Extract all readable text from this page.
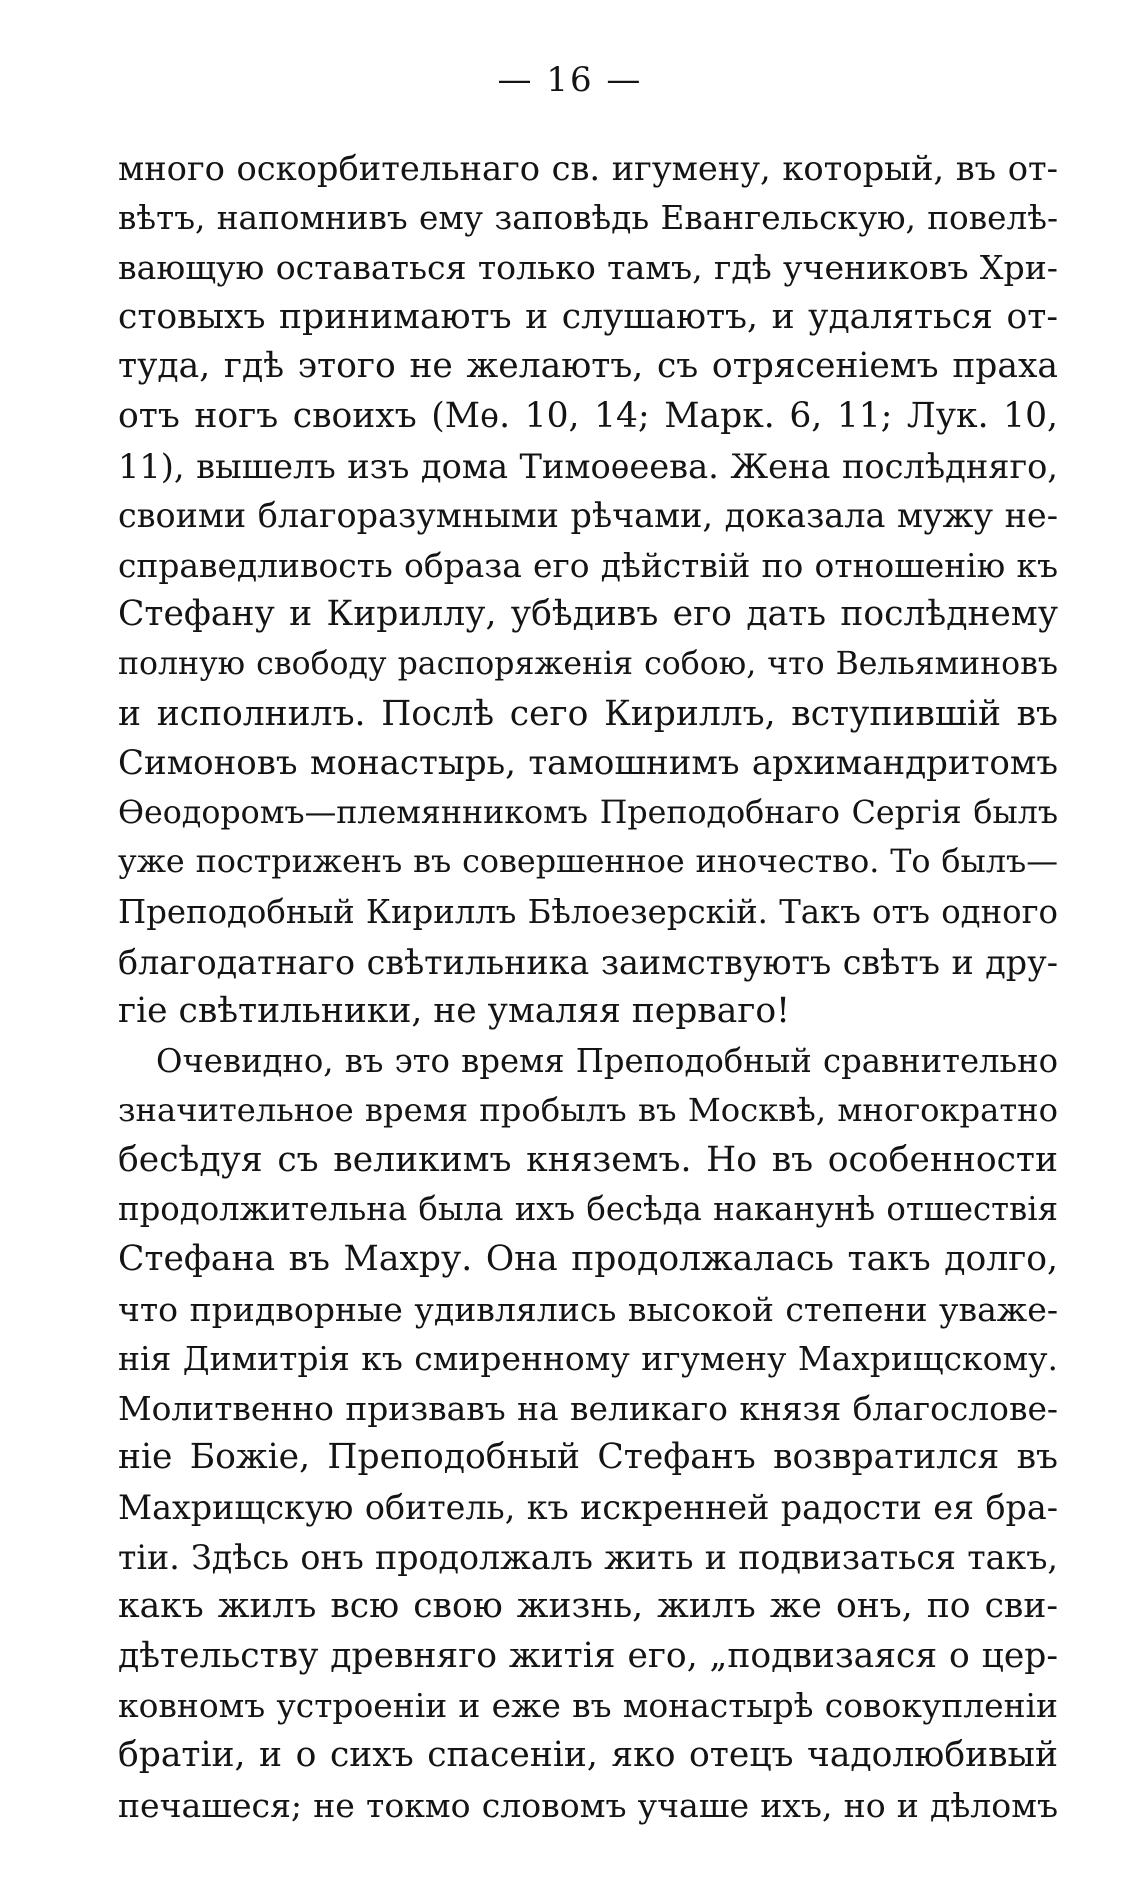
— 16 —
много оскорбительнаго св. игумену, который, въ от-
вѣтъ, напомнивъ ему заповѣдь Евангельскую, повелѣ-
вающую оставаться только тамъ, гдѣ учениковъ Хри-
стовыхъ принимаютъ и слушаютъ, и удаляться от-
туда, гдѣ этого не желаютъ, съ отрясеніемъ праха
отъ ногъ своихъ (Мѳ. 10, 14; Марк. 6, 11; Лук. 10,
11), вышелъ изъ дома Тимоѳеева. Жена послѣдняго,
своими благоразумными рѣчами, доказала мужу не-
справедливость образа его дѣйствій по отношенію къ
Стефану и Кириллу, убѣдивъ его дать послѣднему
полную свободу распоряженія собою, что Вельяминовъ
и исполнилъ. Послѣ сего Кириллъ, вступившій въ
Симоновъ монастырь, тамошнимъ архимандритомъ
Ѳеодоромъ—племянникомъ Преподобнаго Сергія былъ
уже постриженъ въ совершенное иночество. То былъ—
Преподобный Кириллъ Бѣлоезерскій. Такъ отъ одного
благодатнаго свѣтильника заимствуютъ свѣтъ и дру-
гіе свѣтильники, не умаляя перваго!
Очевидно, въ это время Преподобный сравнительно
значительное время пробылъ въ Москвѣ, многократно
бесѣдуя съ великимъ княземъ. Но въ особенности
продолжительна была ихъ бесѣда наканунѣ отшествія
Стефана въ Махру. Она продолжалась такъ долго,
что придворные удивлялись высокой степени уваже-
нія Димитрія къ смиренному игумену Махрищскому.
Молитвенно призвавъ на великаго князя благослове-
ніе Божіе, Преподобный Стефанъ возвратился въ
Махрищскую обитель, къ искренней радости ея бра-
тіи. Здѣсь онъ продолжалъ жить и подвизаться такъ,
какъ жилъ всю свою жизнь, жилъ же онъ, по сви-
дѣтельству древняго житія его, „подвизаяся о цер-
ковномъ устроеніи и еже въ монастырѣ совокупленіи
братіи, и о сихъ спасеніи, яко отецъ чадолюбивый
печашеся; не токмо словомъ учаше ихъ, но и дѣломъ
